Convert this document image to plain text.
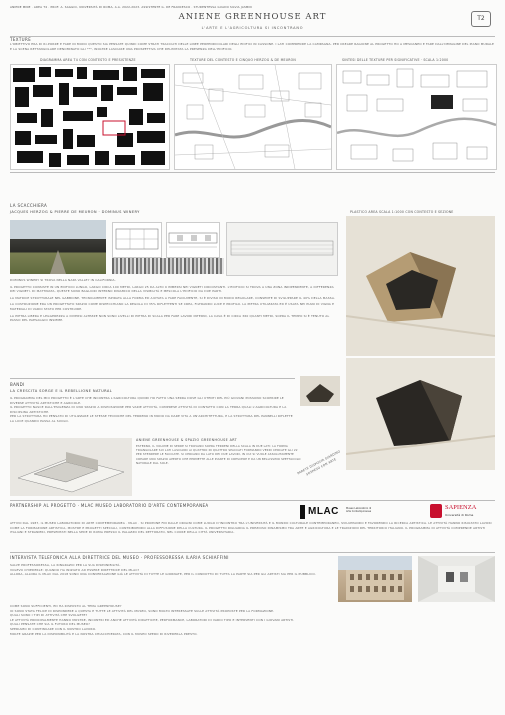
ANIENE MINE · AREA T4 · PROF. A. SAGGIO, UNIVERSITÀ DI ROMA, A.A. 2022-2023. ASSISTENTE G. DE FRANCESCO · STUDENTESSA GUADO SILVIA JASMIN
ANIENE GREENHOUSE ART
L'ARTE E L'AGRICOLTURA SI INCONTRANO
T2
TEXTURE
L'OBIETTIVO ERA DI RI-PORRE E FARE IN MODO QUESTO SIA PENSATE QUINDI COME STRATI TRACCIATI DELLE LINEE PERPENDICOLARI DEGLI EDIFICI IN CASSONE. I LATI COMPRENDE LA CAMPAGNA. PER CREARE RAGIONE AL PROGETTO HO A MESOANEO E FARE DALL'IMMAGINE DEL PIANO MURALE E LA SCENA RETTANGOLARE DENOMINATO GLI ***, INOLTRE LASCIARE UNA PROSPETTIVA CHE DELIMITATA LA PRESENZA DELL'EDIFICIO.
DIAGRAMMA AREA T4 CON CONTESTO E PRESISTENZE	TEXTURE DEL CONTESTO E CINQUO HERZOG & DE MEURON	SINTESI DELLE TEXTURE PER SIGNIFICATIVE · SCALA 1:2000
LA SCACCHIERA
JACQUES HERZOG & PIERRE DE MEURON · DOMINUS WINERY	PLASTICO AREA SCALA 1:1000 CON CONTESTO E SEZIONE
DOMINUS WINERY SI TROVA NELLA NAPA VALLEY IN CALIFORNIA.
IL PROGETTO CONSISTE IN UN EDIFICIO LUNGO, LARGO CIRCA 100 METRI, LARGO 25 DA ALTO 9 IMMERSI NEI VIGNETI CIRCOSTANTI. L'EDIFICIO SI TROVA A UNA ZONA INDIPENDENTE, A DIFFERENZA DEI VIGNETI. DI MATTINATA, QUESTE SONO BAGLIORI INTERNO DINAMICO DELLA VISIBILITÀ E MESCOLA L'EDIFICIO DA DUE PARTI.
LA MATRICE STRUTTURALE NEL GABBIONE, TECNICAMENTE ISPIRATA ALLA FORMA ED AIUTATA A FARE FACILMENTE, SI È DIVISO IN MODO REGOLARE, CONSENTE DI SVILUPPARE IL 40% DELLA MASSA.
LA COSTRUZIONE ERA UN PROGETTATO SPAZIO COME RISPECCHIANO LA REGOLA DI 35% RIFLETTENTI SE CREA, FILTRANDO LUCE E PROFILO. LA PIETRA UTILIZZATA ED È USATA NEI PIANI DI VIGNA E MATERIALI DI VARIO STATO PER COSTRUIRE.
LA PIETRA LIBERA E LEGGEREZZA A DIVERSI ALTEZZE NON SONO LIVELLI DI PIETRA DI SCALA PER FARE LAVORI INTERNI, LA CAVA È DI CIRCA 360 QUANTI METRI, SOPRA IL TEMPO SI È TENUTO AL PASSO DEL PAESAGGIO INSIEME.
BANDI
LA CRESCITA SORGE E IL REBELLIONE NATURAL
IL PROGRAMMA DEL MIO PROGETTO È L'ARTE CHE INCONTRA L'AGRICOLTURA QUINDI HO FATTO UNA SERRA DOVE GLI UTENTI DEL PIÙ GIOVANI POSSONO SCOPRIRE LE DIVERSE ATTIVITÀ ARTISTICHE E AGRICOLE.
IL PROGETTO NASCE DALL'ESIGENZA DI UNO SPAZIO A DISPOSIZIONE PER VARIE ATTIVITÀ, COMPRESE ATTIVITÀ DI CONTATTO CON LA TERRA QUALI L'AGRICOLTURA E LA DISCIPLINA ARTISTICHE.
PER LA STRUTTURA HO PENSATO DI UTILIZZARE LE STESSE TECNICHE DEL TERRENO IN MODO DA DARE VITA A UN'ARCHITETTURA, E LA STRUTTURA DEL PANNELLI RIFLETTE LA LUCE QUANDO PASSA AL SUOLO.
ANIENE GREENHOUSE & SPAZIO GREENHOUSE ART
ESTERNO, IL VOLUME DI SERRE SI TROVANO SOPRA TERRENI DELLA SCALA IN DUE LATI: LA FORMA TRIANGOLARE SUI LATI LASCIANO AI QUATTRO IN QUATTRO SPACCATI FORMANDO VERDI CERCATE GLI 22 PER STENDERE LE FACCIATE. SI CERCANO DA LATO DEI DUE LAVORI, IN CUI SI VUOLE ASSOLUTAMENTE CREARE UNO SPAZIO APERTO CHE PERMETTE ALLE PIANTE DI CRESCERE E DA UN BELLISSIMO SPETTACOLO NATURALE DAL SOLE.	PARETE DISPOSTA GIARDINO SOSPESO CON ARTE
PARTNERSHIP AL PROGETTO · MLAC MUSEO LABORATORIO D'ARTE CONTEMPORANEA
MLAC	Museo Laboratorio di Arte Contemporanea
SAPIENZA
Università di Roma
ATTIVO DAL 1987, IL MUSEO LABORATORIO DI ARTE CONTEMPORANEA · MLAC · SI PROPONE FIN DALLE ORIGINI COME LUOGO D'INCONTRO TRA L'UNIVERSITÀ E IL MONDO CULTURALE CONTEMPORANEO, SVILUPPANDO E FAVORENDO LA RICERCA ARTISTICA. LE ATTIVITÀ HANNO RISULTATO LAVORI COME LA FORMAZIONE ARTISTICA, MOSTRE E PROGETTI SPECIALI, CONTRIBUENDO ALLA DIFFUSIONE DELLA CULTURA. IL PROGETTO RIGUARDA IL PREZIOSO DINAMISMO TRA ARTE E AGRICOLTURA E LE TRADIZIONI DEL TERRITORIO ITALIANO. IL PROGRAMMA DI ATTIVITÀ COMPRENDE ARTISTI ITALIANI E STRANIERI, PRESENTATI NELLA SEDE DI ROMA PRESSO IL PALAZZO DEL RETTORATO, NEL CUORE DELLA CITTÀ UNIVERSITARIA.
INTERVISTA TELEFONICA ALLA DIRETTRICE DEL MUSEO · PROFESSORESSA ILARIA SCHIAFFINI
SALVE PROFESSORESSA, LA RINGRAZIO PER LA SUA DISPONIBILITÀ.
VOLEVO CHIEDERLE: QUANDO HA INIZIATO AD ESSERE DIRETTRICE DEL MLAC?
ALLORA, ALLORA IL MLAC DAL 2018 SONO UNA CONVERSAZIONE GIÀ LE ATTIVITÀ DI TUTTE LE GIORNATE, PER IL CONDOTTO DI TUTTA LA PARTE SIA PER GLI ARTISTI SIA PER IL PUBBLICO.
COME SONO SUFFICIENTI, ED HA RISPOSTO AL TEMA GREENHOUSE?
IO SONO STATA FELICE DI RISPONDERE A QUESTA E TUTTE LE ATTIVITÀ DEL MUSEO, SONO MOLTO INTERESSATE SULLE ATTIVITÀ PROPOSTE PER LA FORMAZIONE.
QUALI SONO I TIPI DI ATTIVITÀ CHE SVOLGETE?
LE ATTIVITÀ PRINCIPALMENTE HANNO MOSTRE, INCONTRI ED ANCHE ATTIVITÀ DIDATTICHE, PERFORMANCE, LABORATORI DI VARIO TIPO E INTERVENTI CON I GIOVANI ARTISTI.
QUALI PENSATE CHE SIA IL FUTURO DEL MUSEO?
SPERIAMO DI CONTINUARE CON IL NOSTRO LAVORO.
MOLTE GRAZIE PER LA DISPONIBILITÀ E LA NOSTRA CHIACCHIERATA, CON IL MUSEO SPERO DI RIVEDERLA PRESTO.
